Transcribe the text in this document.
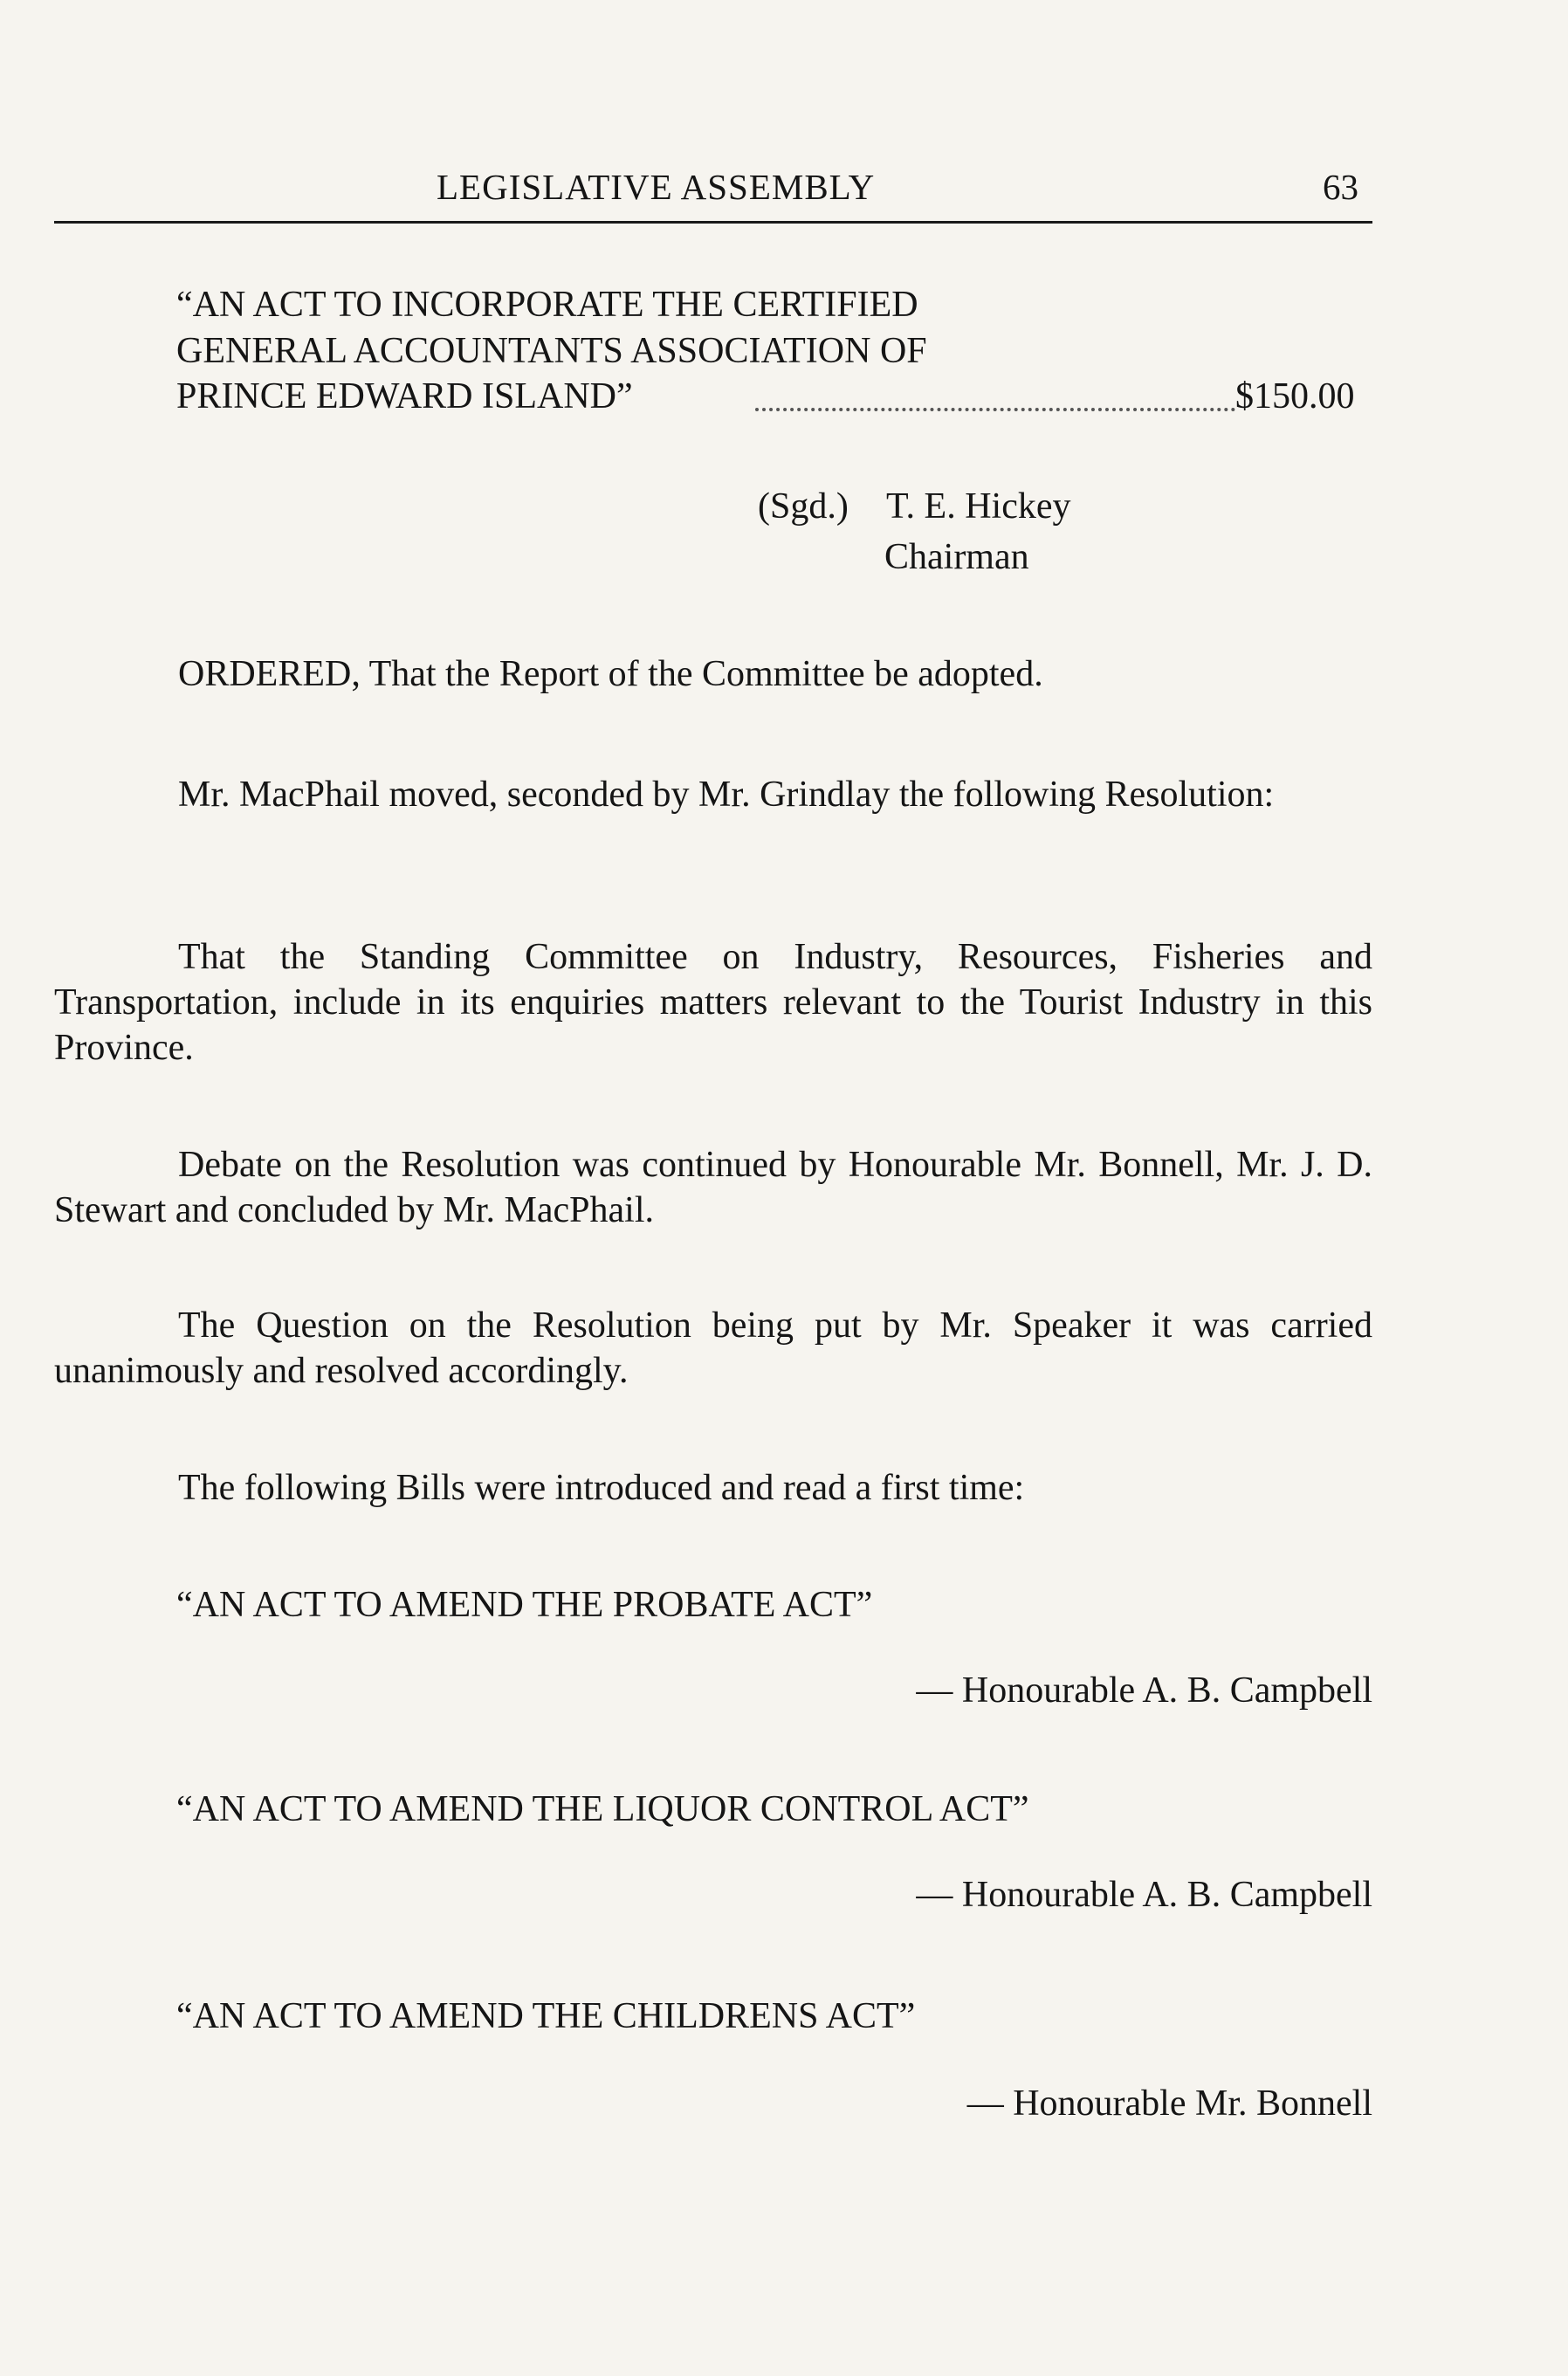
LEGISLATIVE ASSEMBLY	63
“AN ACT TO INCORPORATE THE CERTIFIED
GENERAL ACCOUNTANTS ASSOCIATION OF
PRINCE EDWARD ISLAND”	$150.00
(Sgd.) T. E. Hickey
Chairman
ORDERED, That the Report of the Committee be adopted.
Mr. MacPhail moved, seconded by Mr. Grindlay the following Resolution:
That the Standing Committee on Industry, Resources, Fisheries and Transportation, include in its enquiries matters relevant to the Tourist Industry in this Province.
Debate on the Resolution was continued by Honourable Mr. Bonnell, Mr. J. D. Stewart and concluded by Mr. MacPhail.
The Question on the Resolution being put by Mr. Speaker it was carried unanimously and resolved accordingly.
The following Bills were introduced and read a first time:
“AN ACT TO AMEND THE PROBATE ACT”
— Honourable A. B. Campbell
“AN ACT TO AMEND THE LIQUOR CONTROL ACT”
— Honourable A. B. Campbell
“AN ACT TO AMEND THE CHILDRENS ACT”
— Honourable Mr. Bonnell
